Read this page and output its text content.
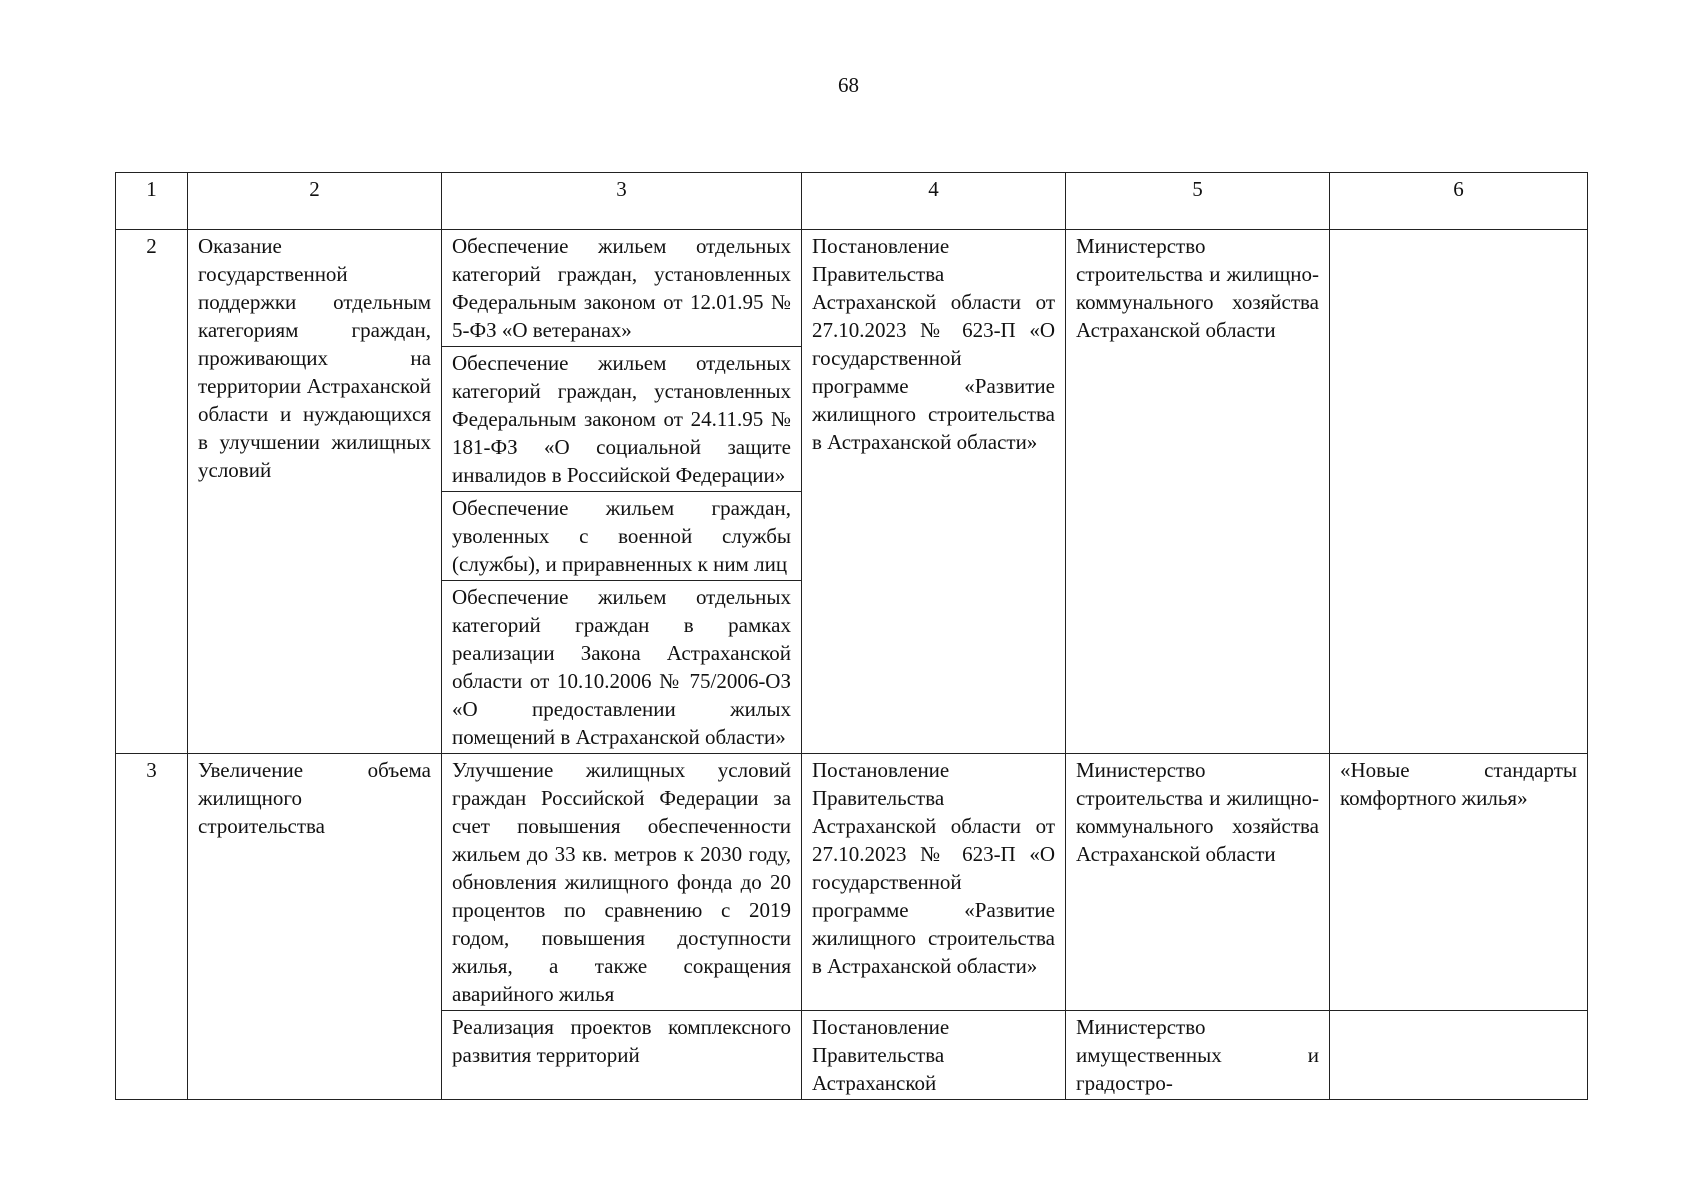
68
1	2	3	4	5	6
2	Оказание государственной поддержки отдельным категориям граждан, проживающих на территории Астраханской области и нуждающихся в улучшении жилищных условий	Обеспечение жильем отдельных категорий граждан, установленных Федеральным законом от 12.01.95 № 5-ФЗ «О ветеранах»	Постановление Правительства Астраханской области от 27.10.2023 № 623-П «О государственной программе «Развитие жилищного строительства в Астраханской области»	Министерство строительства и жилищно-коммунального хозяйства Астраханской области	

		Обеспечение жильем отдельных категорий граждан, установленных Федеральным законом от 24.11.95 № 181-ФЗ «О социальной защите инвалидов в Российской Федерации»			

		Обеспечение жильем граждан, уволенных с военной службы (службы), и приравненных к ним лиц			

		Обеспечение жильем отдельных категорий граждан в рамках реализации Закона Астраханской области от 10.10.2006 № 75/2006-ОЗ «О предоставлении жилых помещений в Астраханской области»			

3	Увеличение объема жилищного строительства	Улучшение жилищных условий граждан Российской Федерации за счет повышения обеспеченности жильем до 33 кв. метров к 2030 году, обновления жилищного фонда до 20 процентов по сравнению с 2019 годом, повышения доступности жилья, а также сокращения аварийного жилья	Постановление Правительства Астраханской области от 27.10.2023 № 623-П «О государственной программе «Развитие жилищного строительства в Астраханской области»	Министерство строительства и жилищно-коммунального хозяйства Астраханской области	«Новые стандарты комфортного жилья»

		Реализация проектов комплексного развития территорий	Постановление Правительства Астраханской	Министерство имущественных и градостро-	
